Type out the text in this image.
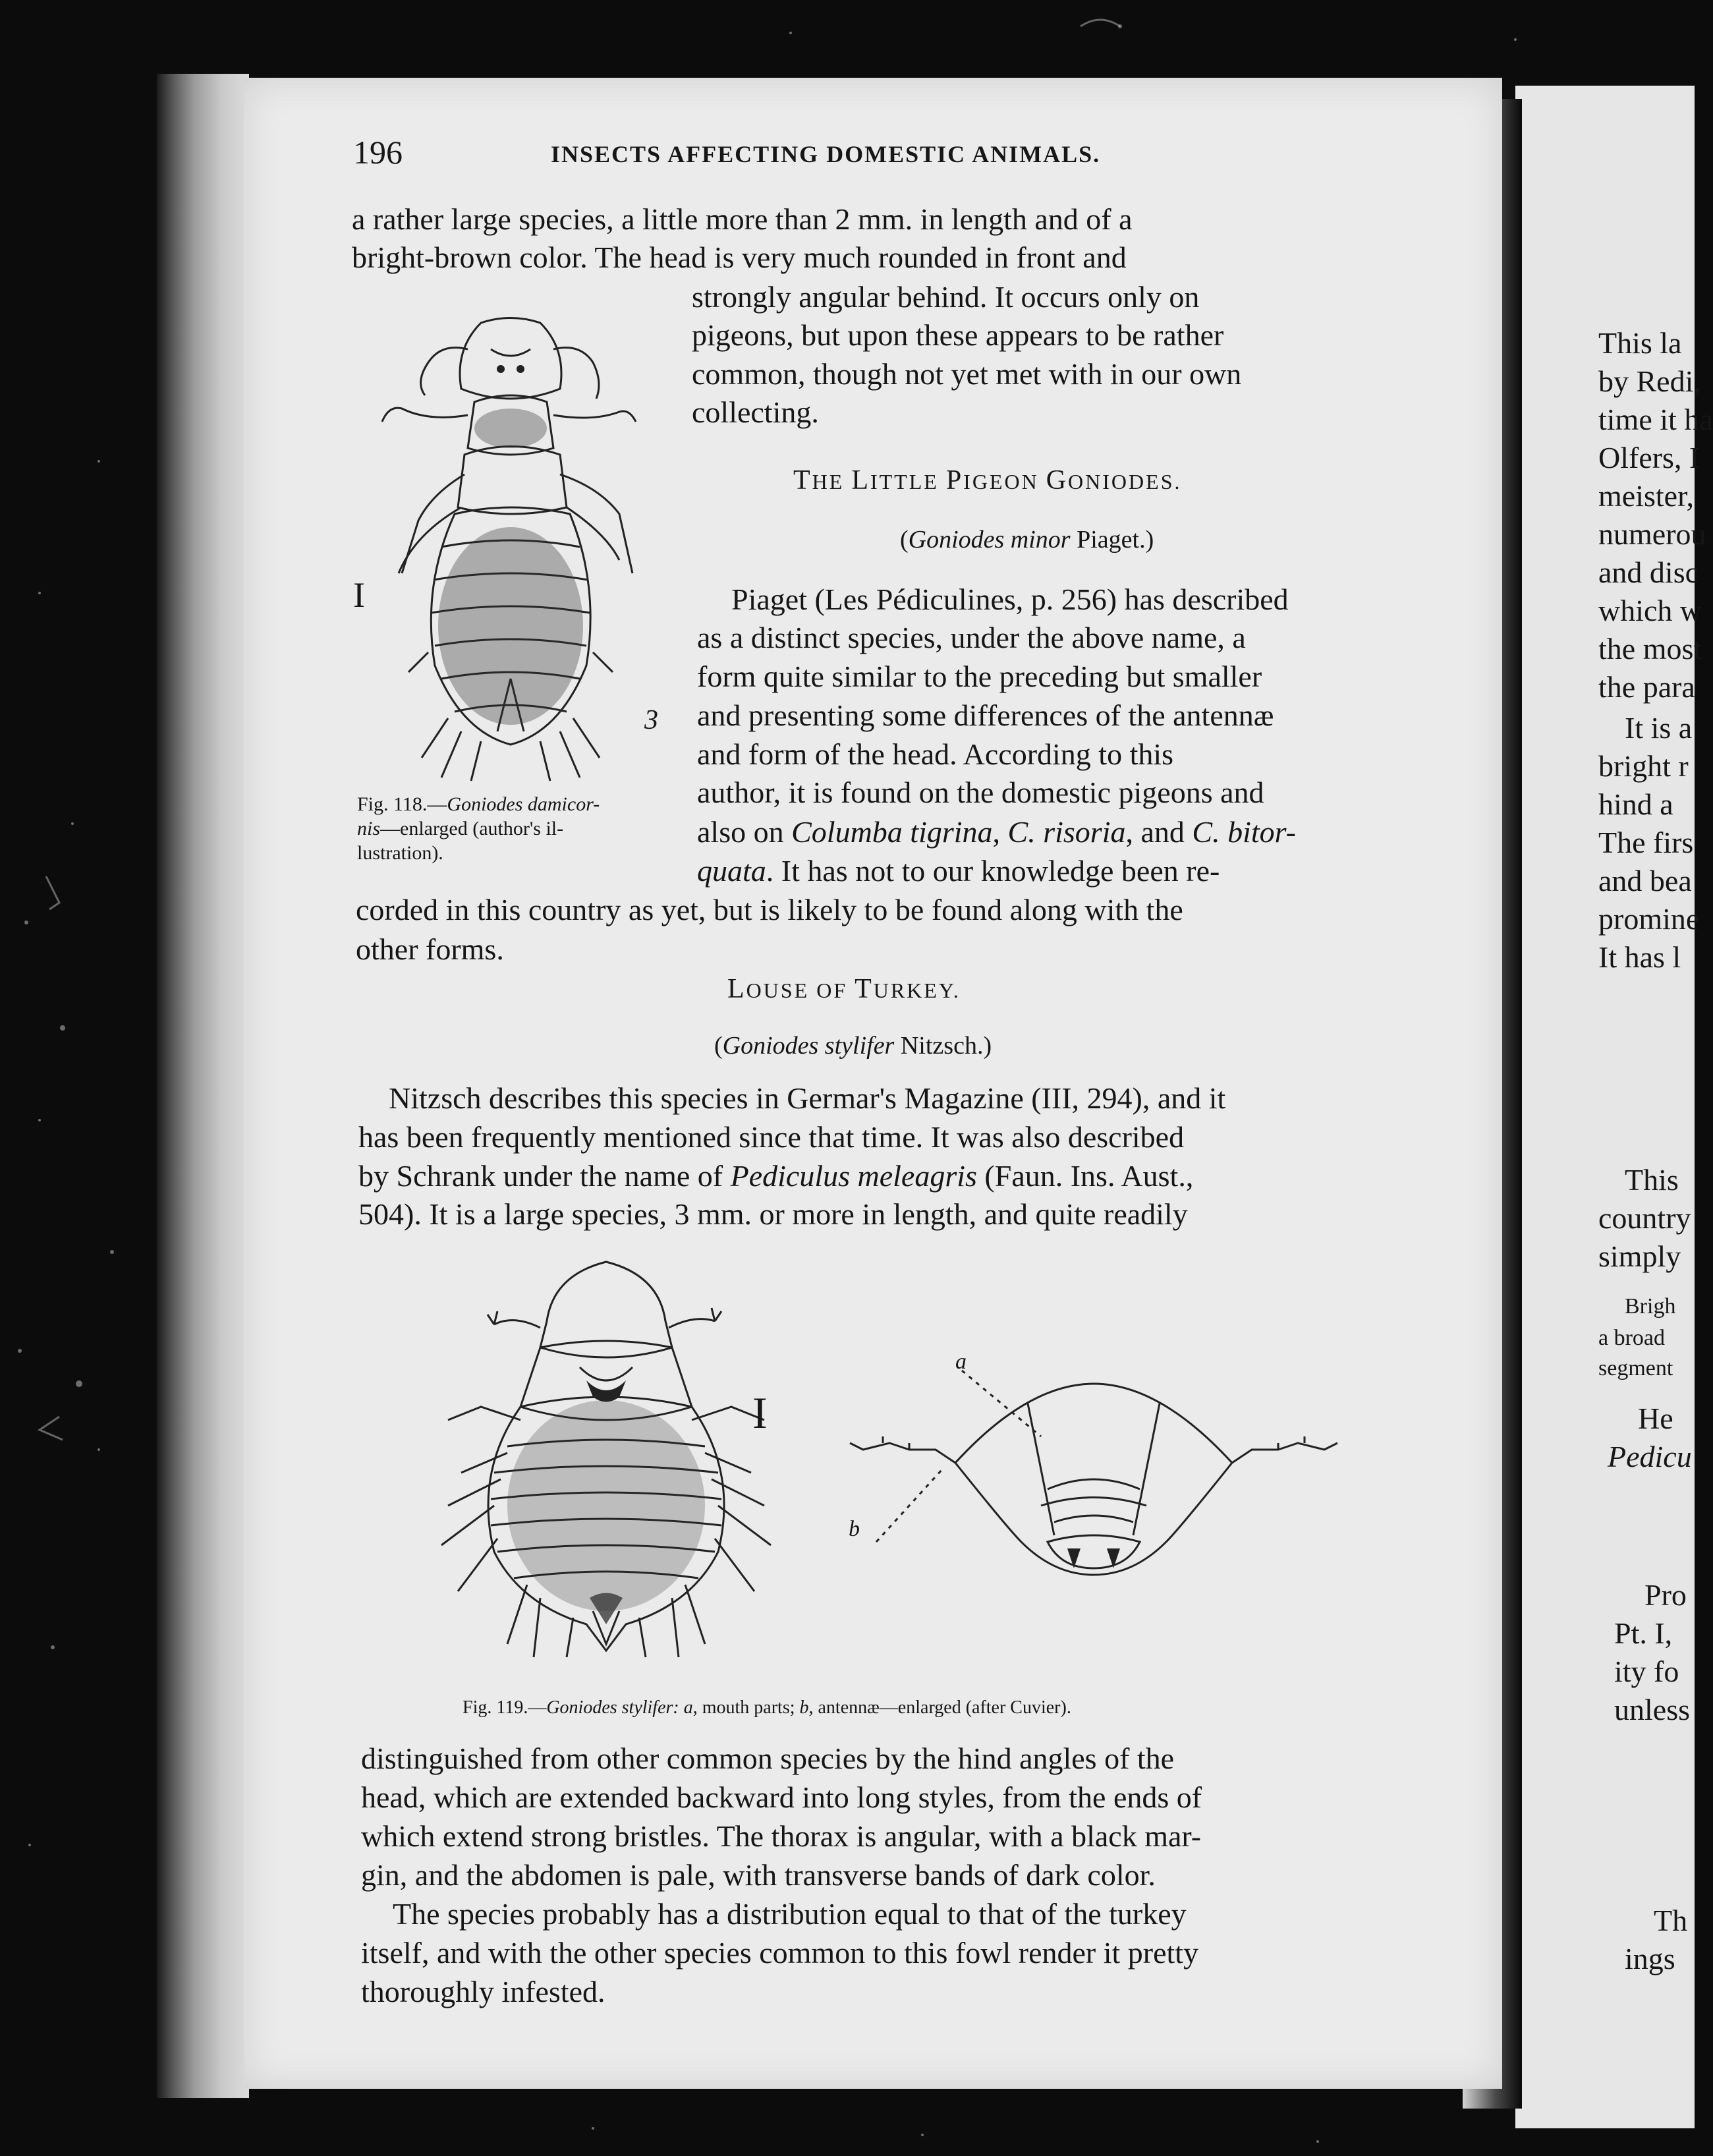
196	INSECTS AFFECTING DOMESTIC ANIMALS.
a rather large species, a little more than 2 mm. in length and of a
bright-brown color. The head is very much rounded in front and
strongly angular behind. It occurs only on
pigeons, but upon these appears to be rather
common, though not yet met with in our own
collecting.
I
3
Fig. 118.—Goniodes damicor-
nis—enlarged (author's il-
lustration).
THE LITTLE PIGEON GONIODES.
(Goniodes minor Piaget.)
Piaget (Les Pédiculines, p. 256) has described
as a distinct species, under the above name, a
form quite similar to the preceding but smaller
and presenting some differences of the antennæ
and form of the head. According to this
author, it is found on the domestic pigeons and
also on Columba tigrina, C. risoria, and C. bitor-
quata. It has not to our knowledge been re-
corded in this country as yet, but is likely to be found along with the
other forms.
LOUSE OF TURKEY.
(Goniodes stylifer Nitzsch.)
Nitzsch describes this species in Germar's Magazine (III, 294), and it
has been frequently mentioned since that time. It was also described
by Schrank under the name of Pediculus meleagris (Faun. Ins. Aust.,
504). It is a large species, 3 mm. or more in length, and quite readily
I
a
b
Fig. 119.—Goniodes stylifer: a, mouth parts; b, antennæ—enlarged (after Cuvier).
distinguished from other common species by the hind angles of the
head, which are extended backward into long styles, from the ends of
which extend strong bristles. The thorax is angular, with a black mar-
gin, and the abdomen is pale, with transverse bands of dark color.
The species probably has a distribution equal to that of the turkey
itself, and with the other species common to this fowl render it pretty
thoroughly infested.
This la
by Redi,
time it ha
Olfers, I
meister,
numerou
and disc
which w
the most
the para
It is a
bright r
hind a
The firs
and bea
promine
It has l
This
country
simply
Brigh
a broad
segment
He
Pedicu
Pro
Pt. I,
ity fo
unless
Th
ings
